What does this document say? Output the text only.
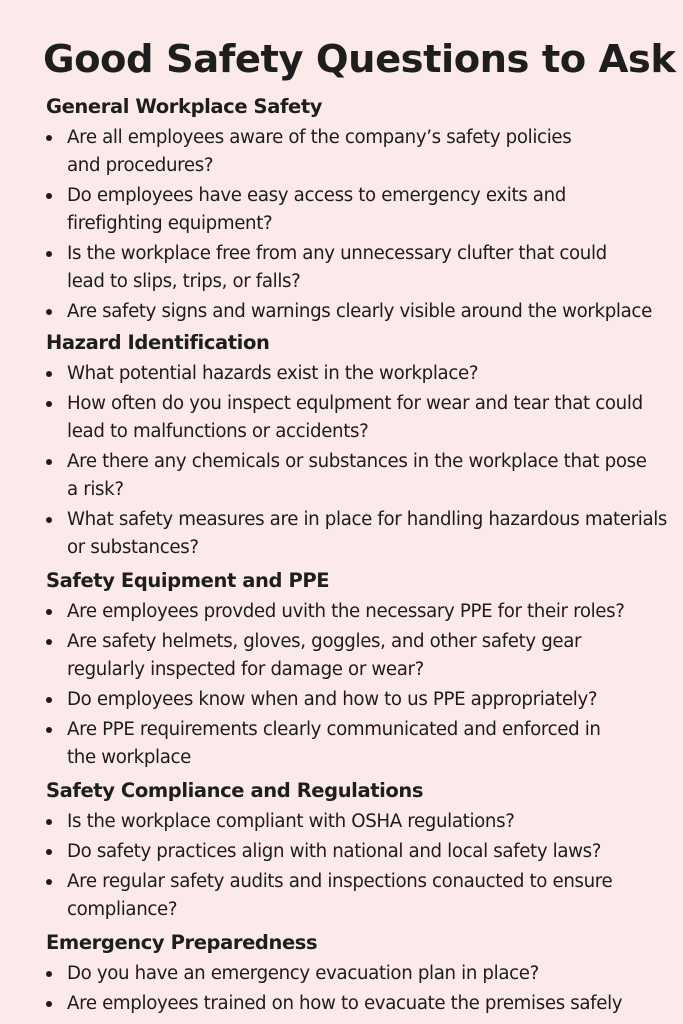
Good Safety Questions to Ask
General Workplace Safety
Are all employees aware of the company’s safety policies
and procedures?
Do employees have easy access to emergency exits and
firefighting equipment?
Is the workplace free from any unnecessary clufter that could
lead to slips, trips, or falls?
Are safety signs and warnings clearly visible around the workplace
Hazard Identification
What potential hazards exist in the workplace?
How often do you inspect equlpment for wear and tear that could
lead to malfunctions or accidents?
Are there any chemicals or substances in the workplace that pose
a risk?
What safety measures are in place for handling hazardous materials
or substances?
Safety Equipment and PPE
Are employees provded uvith the necessary PPE for their roles?
Are safety helmets, gloves, goggles, and other safety gear
regularly inspected for damage or wear?
Do employees know when and how to us PPE appropriately?
Are PPE requirements clearly communicated and enforced in
the workplace
Safety Compliance and Regulations
Is the workplace compliant with OSHA regulations?
Do safety practices align with national and local safety laws?
Are regular safety audits and inspections conaucted to ensure
compliance?
Emergency Preparedness
Do you have an emergency evacuation plan in place?
Are employees trained on how to evacuate the premises safely
